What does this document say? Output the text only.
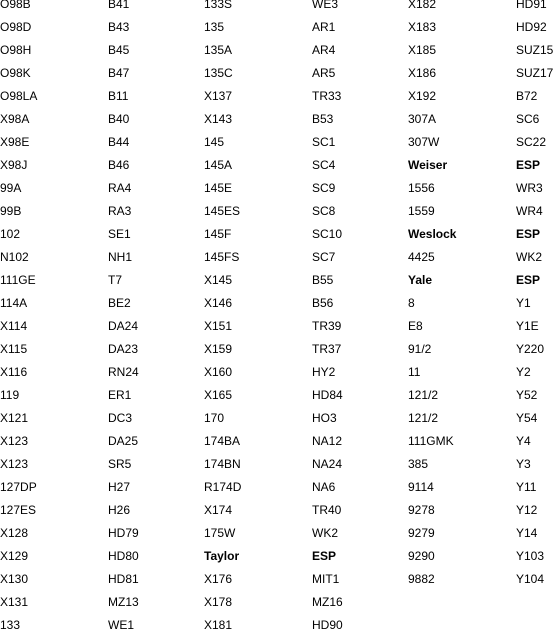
O98B
O98D
O98H
O98K
O98LA
X98A
X98E
X98J
99A
99B
102
N102
111GE
114A
X114
X115
X116
119
X121
X123
X123
127DP
127ES
X128
X129
X130
X131
133
B41
B43
B45
B47
B11
B40
B44
B46
RA4
RA3
SE1
NH1
T7
BE2
DA24
DA23
RN24
ER1
DC3
DA25
SR5
H27
H26
HD79
HD80
HD81
MZ13
WE1
133S
135
135A
135C
X137
X143
145
145A
145E
145ES
145F
145FS
X145
X146
X151
X159
X160
X165
170
174BA
174BN
R174D
X174
175W
Taylor
X176
X178
X181
WE3
AR1
AR4
AR5
TR33
B53
SC1
SC4
SC9
SC8
SC10
SC7
B55
B56
TR39
TR37
HY2
HD84
HO3
NA12
NA24
NA6
TR40
WK2
ESP
MIT1
MZ16
HD90
X182
X183
X185
X186
X192
307A
307W
Weiser
1556
1559
Weslock
4425
Yale
8
E8
91/2
11
121/2
121/2
111GMK
385
9114
9278
9279
9290
9882
HD91
HD92
SUZ15
SUZ17
B72
SC6
SC22
ESP
WR3
WR4
ESP
WK2
ESP
Y1
Y1E
Y220
Y2
Y52
Y54
Y4
Y3
Y11
Y12
Y14
Y103
Y104
